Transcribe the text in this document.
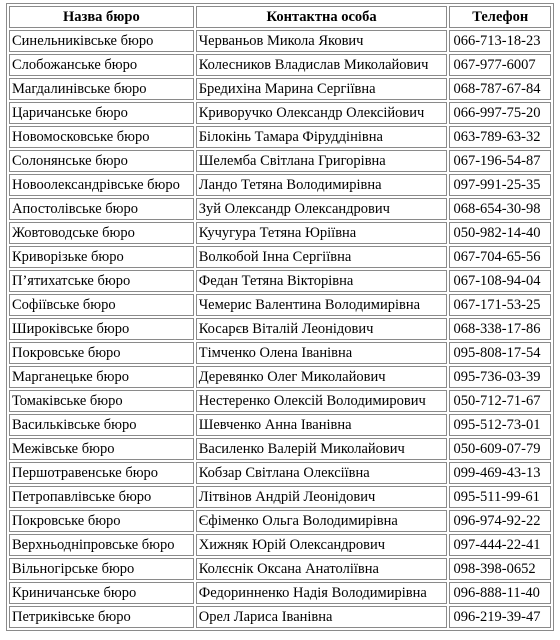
Назва бюро	Контактна особа	Телефон
Синельниківське бюро	Черваньов Микола Якович	066-713-18-23
Слобожанське бюро	Колесников Владислав Миколайович	067-977-6007
Магдалинівське бюро	Бредихіна Марина Сергіївна	068-787-67-84
Царичанське бюро	Криворучко Олександр Олексійович	066-997-75-20
Новомосковське бюро	Білокінь Тамара Фіруддінівна	063-789-63-32
Солонянське бюро	Шелемба Світлана Григорівна	067-196-54-87
Новоолександрівське бюро	Ландо Тетяна Володимирівна	097-991-25-35
Апостолівське бюро	Зуй Олександр Олександрович	068-654-30-98
Жовтоводське бюро	Кучугура Тетяна Юріївна	050-982-14-40
Криворізьке бюро	Волкобой Інна Сергіївна	067-704-65-56
П’ятихатське бюро	Федан Тетяна Вікторівна	067-108-94-04
Софіївське бюро	Чемерис Валентина Володимирівна	067-171-53-25
Широківське бюро	Косарєв Віталій Леонідович	068-338-17-86
Покровське бюро	Тімченко Олена Іванівна	095-808-17-54
Марганецьке бюро	Деревянко Олег Миколайович	095-736-03-39
Томаківське бюро	Нестеренко Олексій Володимирович	050-712-71-67
Васильківське бюро	Шевченко Анна Іванівна	095-512-73-01
Межівське бюро	Василенко Валерій Миколайович	050-609-07-79
Першотравенське бюро	Кобзар Світлана Олексіївна	099-469-43-13
Петропавлівське бюро	Літвінов Андрій Леонідович	095-511-99-61
Покровське бюро	Єфіменко Ольга Володимирівна	096-974-92-22
Верхньодніпровське бюро	Хижняк Юрій Олександрович	097-444-22-41
Вільногірське бюро	Колєснік Оксана Анатоліївна	098-398-0652
Криничанське бюро	Федоринненко Надія Володимирівна	096-888-11-40
Петриківське бюро	Орел Лариса Іванівна	096-219-39-47
